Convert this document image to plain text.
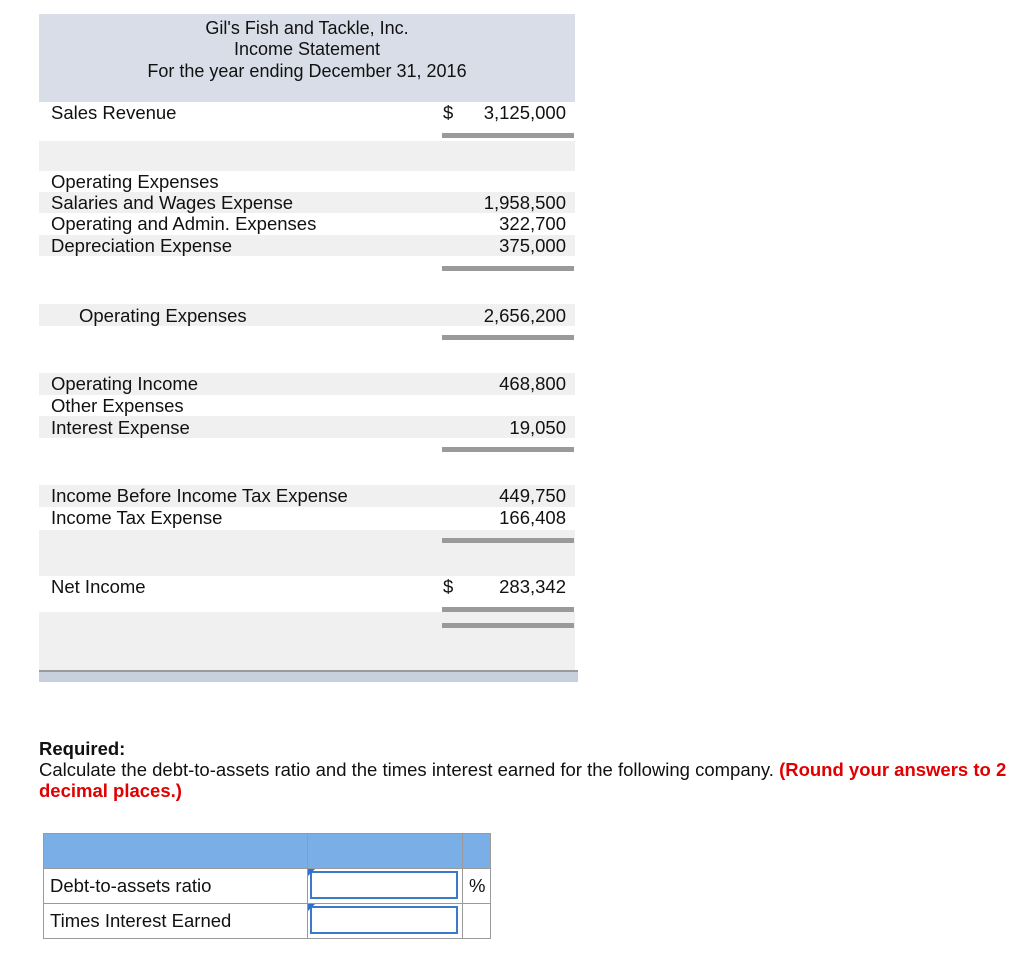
Gil's Fish and Tackle, Inc.
Income Statement
For the year ending December 31, 2016
Sales Revenue	$	3,125,000
Operating Expenses
Salaries and Wages Expense	1,958,500
Operating and Admin. Expenses	322,700
Depreciation Expense	375,000
Operating Expenses	2,656,200
Operating Income	468,800
Other Expenses
Interest Expense	19,050
Income Before Income Tax Expense	449,750
Income Tax Expense	166,408
Net Income	$	283,342
Required:
Calculate the debt-to-assets ratio and the times interest earned for the following company. (Round your answers to 2 decimal places.)

Debt-to-assets ratio		%
Times Interest Earned	
